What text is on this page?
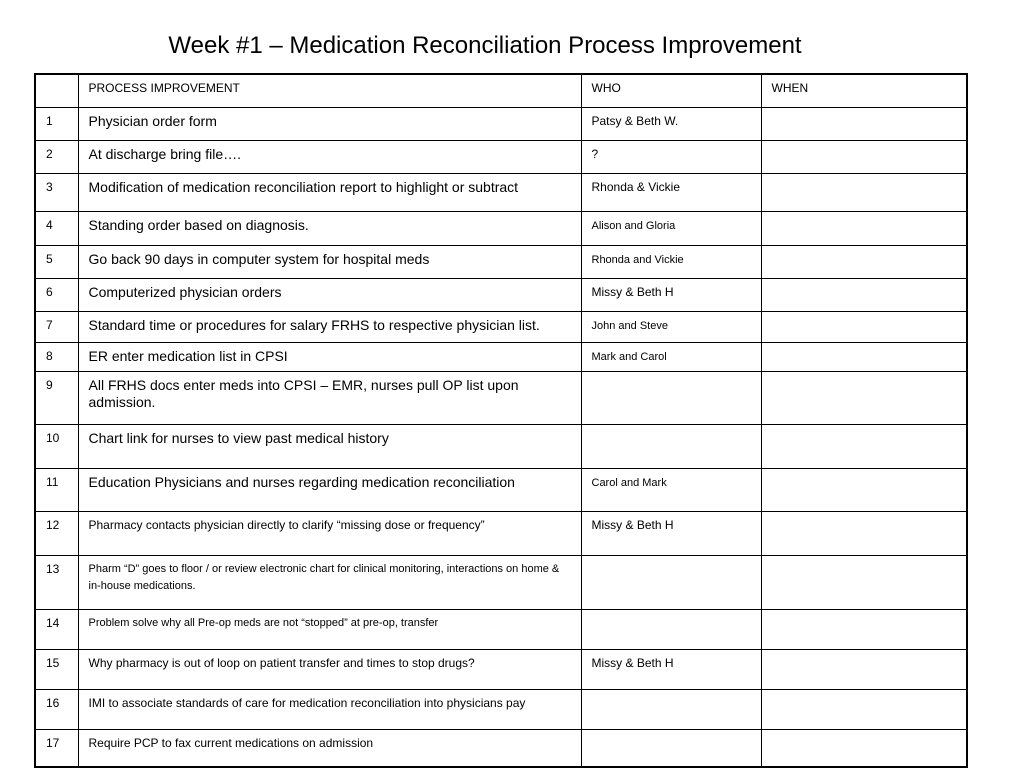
Week #1 – Medication Reconciliation Process Improvement
	PROCESS IMPROVEMENT	WHO	WHEN
1	Physician order form	Patsy & Beth W.	
2	At discharge bring file….	?	
3	Modification of medication reconciliation report to highlight or subtract	Rhonda & Vickie	
4	Standing order based on diagnosis.	Alison and Gloria	
5	Go back 90 days in computer system for hospital meds	Rhonda and Vickie	
6	Computerized physician orders	Missy & Beth H	
7	Standard time or procedures for salary FRHS to respective physician list.	John and Steve	
8	ER enter medication list in CPSI	Mark and Carol	
9	All FRHS docs enter meds into CPSI – EMR, nurses pull OP list upon admission.		
10	Chart link for nurses to view past medical history		
11	Education Physicians and nurses regarding medication reconciliation	Carol and Mark	
12	Pharmacy contacts physician directly to clarify “missing dose or frequency”	Missy & Beth H	
13	Pharm “D” goes to floor / or review electronic chart for clinical monitoring, interactions on home & in-house medications.		
14	Problem solve why all Pre-op meds are not “stopped” at pre-op, transfer		
15	Why pharmacy is out of loop on patient transfer and times to stop drugs?	Missy & Beth H	
16	IMI to associate standards of care for medication reconciliation into physicians pay		
17	Require PCP to fax current medications on admission		
